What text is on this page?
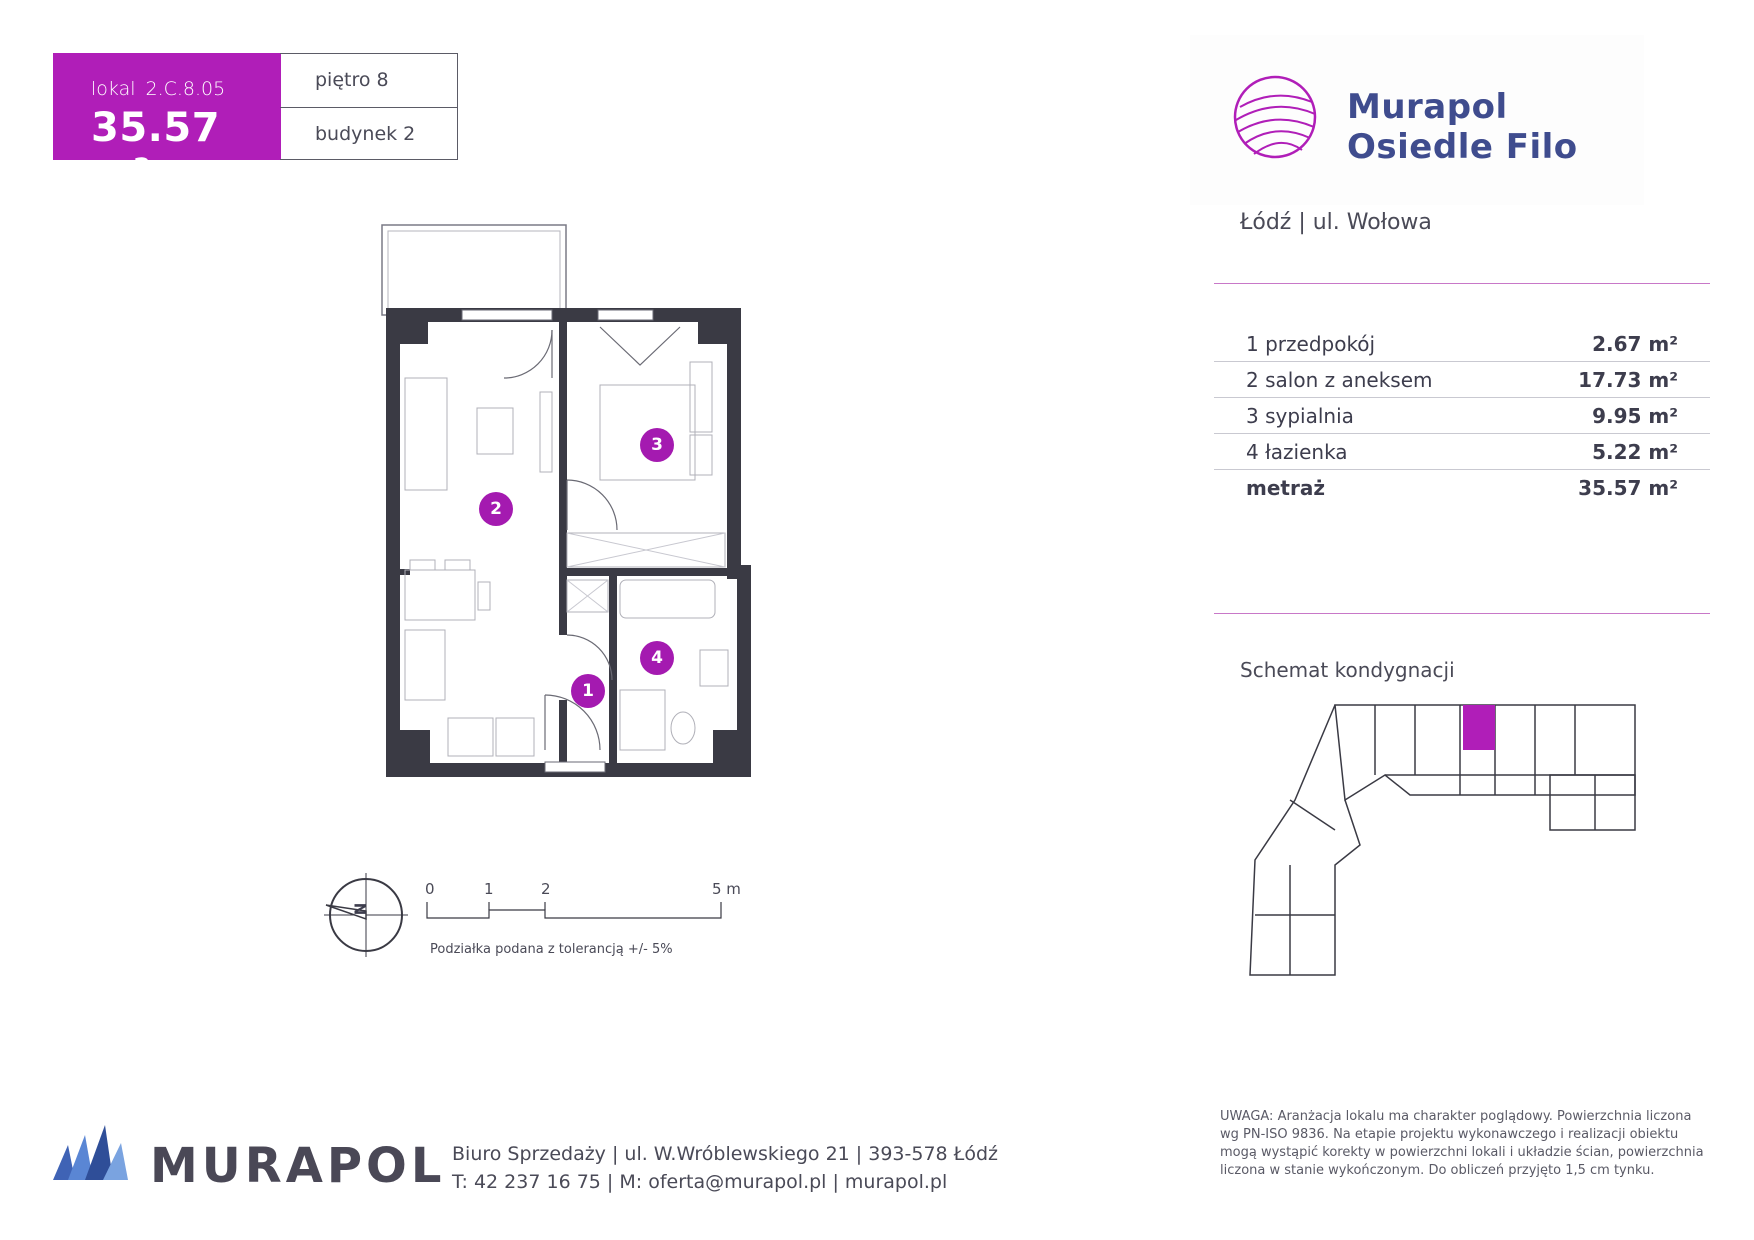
lokal 2.C.8.05
35.57 m²
piętro 8
budynek 2
2
3
4
1
N
0	1	2	5 m
Podziałka podana z tolerancją +/- 5%
Murapol
Osiedle Filo
Łódź | ul. Wołowa
1 przedpokój	2.67 m²
2 salon z aneksem	17.73 m²
3 sypialnia	9.95 m²
4 łazienka	5.22 m²
metraż	35.57 m²
Schemat kondygnacji
MURAPOL Biuro Sprzedaży | ul. W.Wróblewskiego 21 | 393-578 Łódź
T: 42 237 16 75 | M: oferta@murapol.pl | murapol.pl
UWAGA: Aranżacja lokalu ma charakter poglądowy. Powierzchnia liczona wg PN-ISO 9836. Na etapie projektu wykonawczego i realizacji obiektu mogą wystąpić korekty w powierzchni lokali i układzie ścian, powierzchnia liczona w stanie wykończonym. Do obliczeń przyjęto 1,5 cm tynku.
